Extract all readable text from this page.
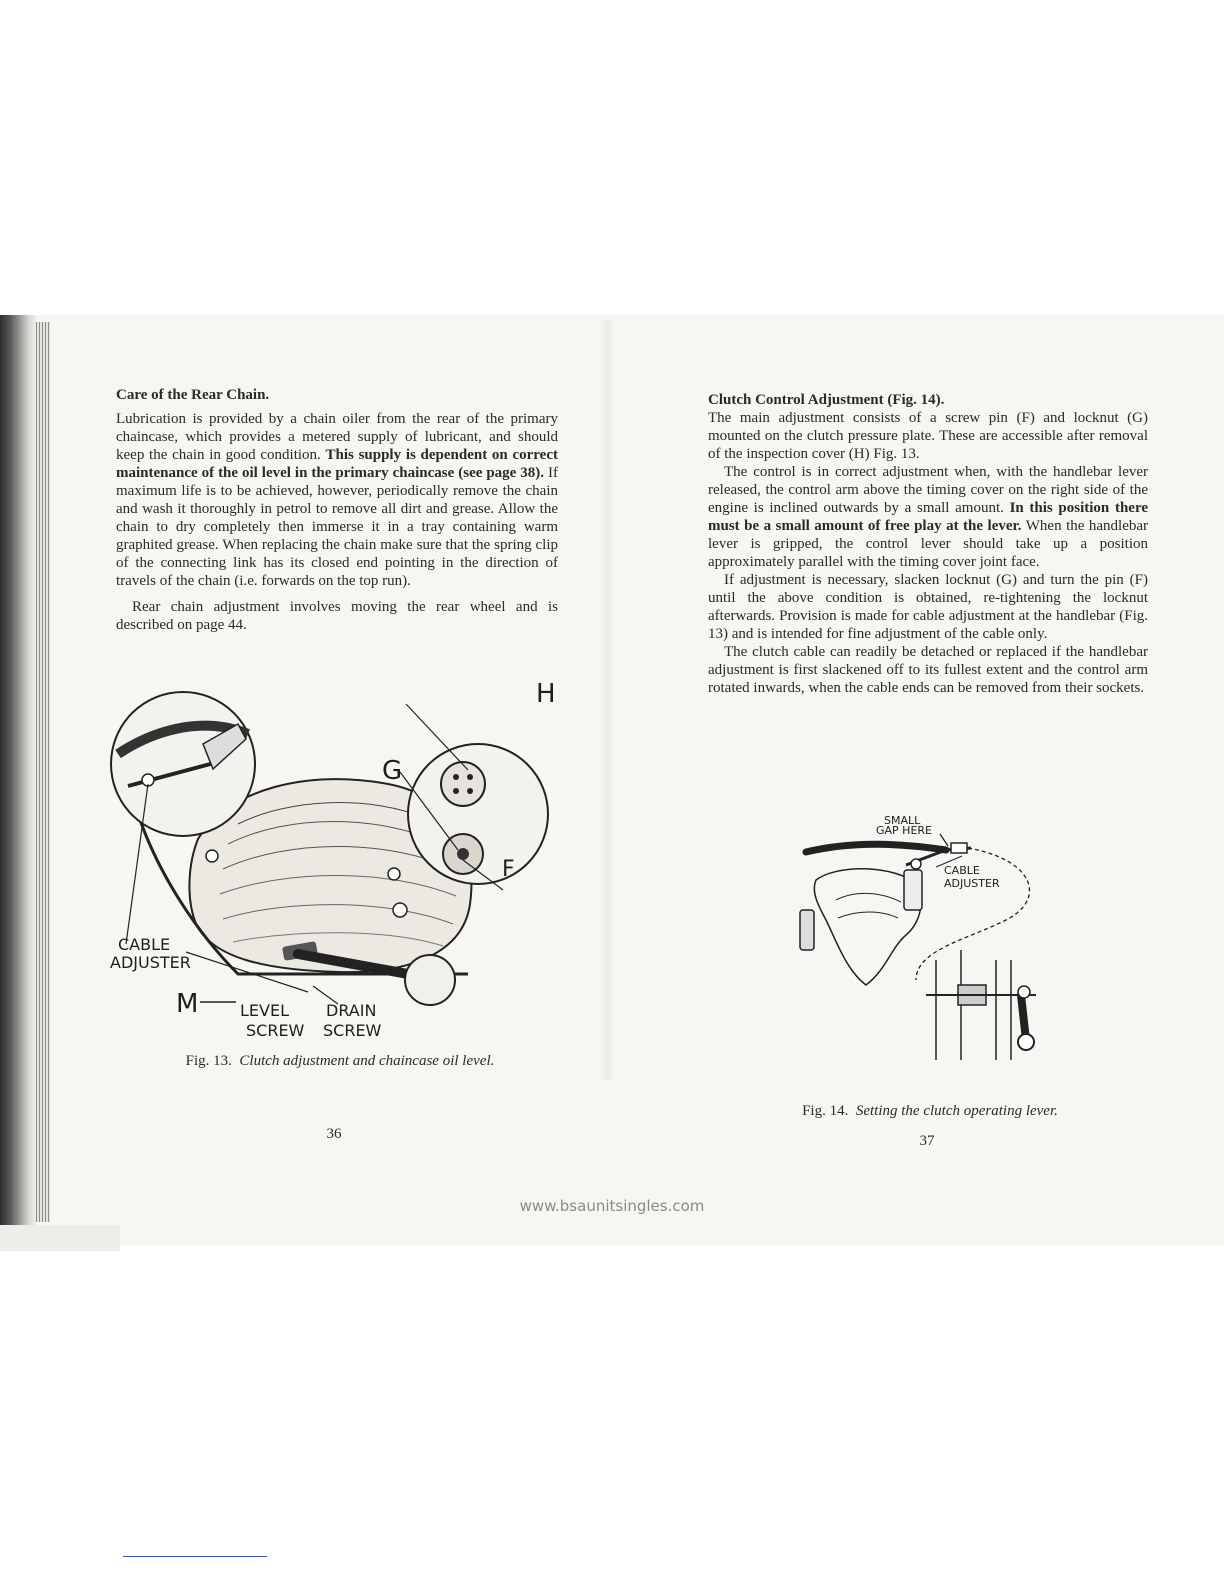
Care of the Rear Chain.

Lubrication is provided by a chain oiler from the rear of the primary chaincase, which provides a metered supply of lubricant, and should keep the chain in good condition. This supply is dependent on correct maintenance of the oil level in the primary chaincase (see page 38). If maximum life is to be achieved, however, periodically remove the chain and wash it thoroughly in petrol to remove all dirt and grease. Allow the chain to dry completely then immerse it in a tray containing warm graphited grease. When replacing the chain make sure that the spring clip of the connecting link has its closed end pointing in the direction of travels of the chain (i.e. forwards on the top run).

Rear chain adjustment involves moving the rear wheel and is described on page 44.

H
G
F
M
CABLE
ADJUSTER
LEVEL
SCREW
DRAIN
SCREW
Fig. 13. Clutch adjustment and chaincase oil level.
36
Clutch Control Adjustment (Fig. 14).

The main adjustment consists of a screw pin (F) and locknut (G) mounted on the clutch pressure plate. These are accessible after removal of the inspection cover (H) Fig. 13.

The control is in correct adjustment when, with the handlebar lever released, the control arm above the timing cover on the right side of the engine is inclined outwards by a small amount. In this position there must be a small amount of free play at the lever. When the handlebar lever is gripped, the control lever should take up a position approximately parallel with the timing cover joint face.

If adjustment is necessary, slacken locknut (G) and turn the pin (F) until the above condition is obtained, re-tightening the locknut afterwards. Provision is made for cable adjustment at the handlebar (Fig. 13) and is intended for fine adjustment of the cable only.

The clutch cable can readily be detached or replaced if the handlebar adjustment is first slackened off to its fullest extent and the control arm rotated inwards, when the cable ends can be removed from their sockets.

SMALL
GAP HERE
CABLE
ADJUSTER
Fig. 14. Setting the clutch operating lever.
37
www.bsaunitsingles.com
